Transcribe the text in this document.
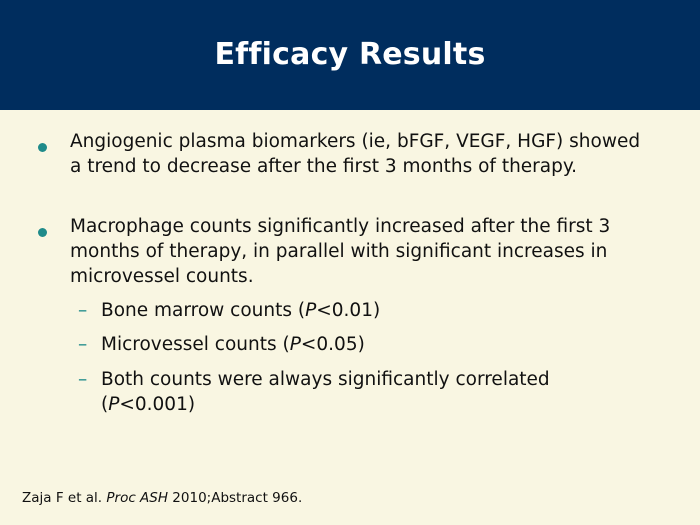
Efficacy Results
Angiogenic plasma biomarkers (ie, bFGF, VEGF, HGF) showed a trend to decrease after the first 3 months of therapy.
Macrophage counts significantly increased after the first 3 months of therapy, in parallel with significant increases in microvessel counts.
– Bone marrow counts (P<0.01)
– Microvessel counts (P<0.05)
– Both counts were always significantly correlated (P<0.001)
Zaja F et al. Proc ASH 2010;Abstract 966.
